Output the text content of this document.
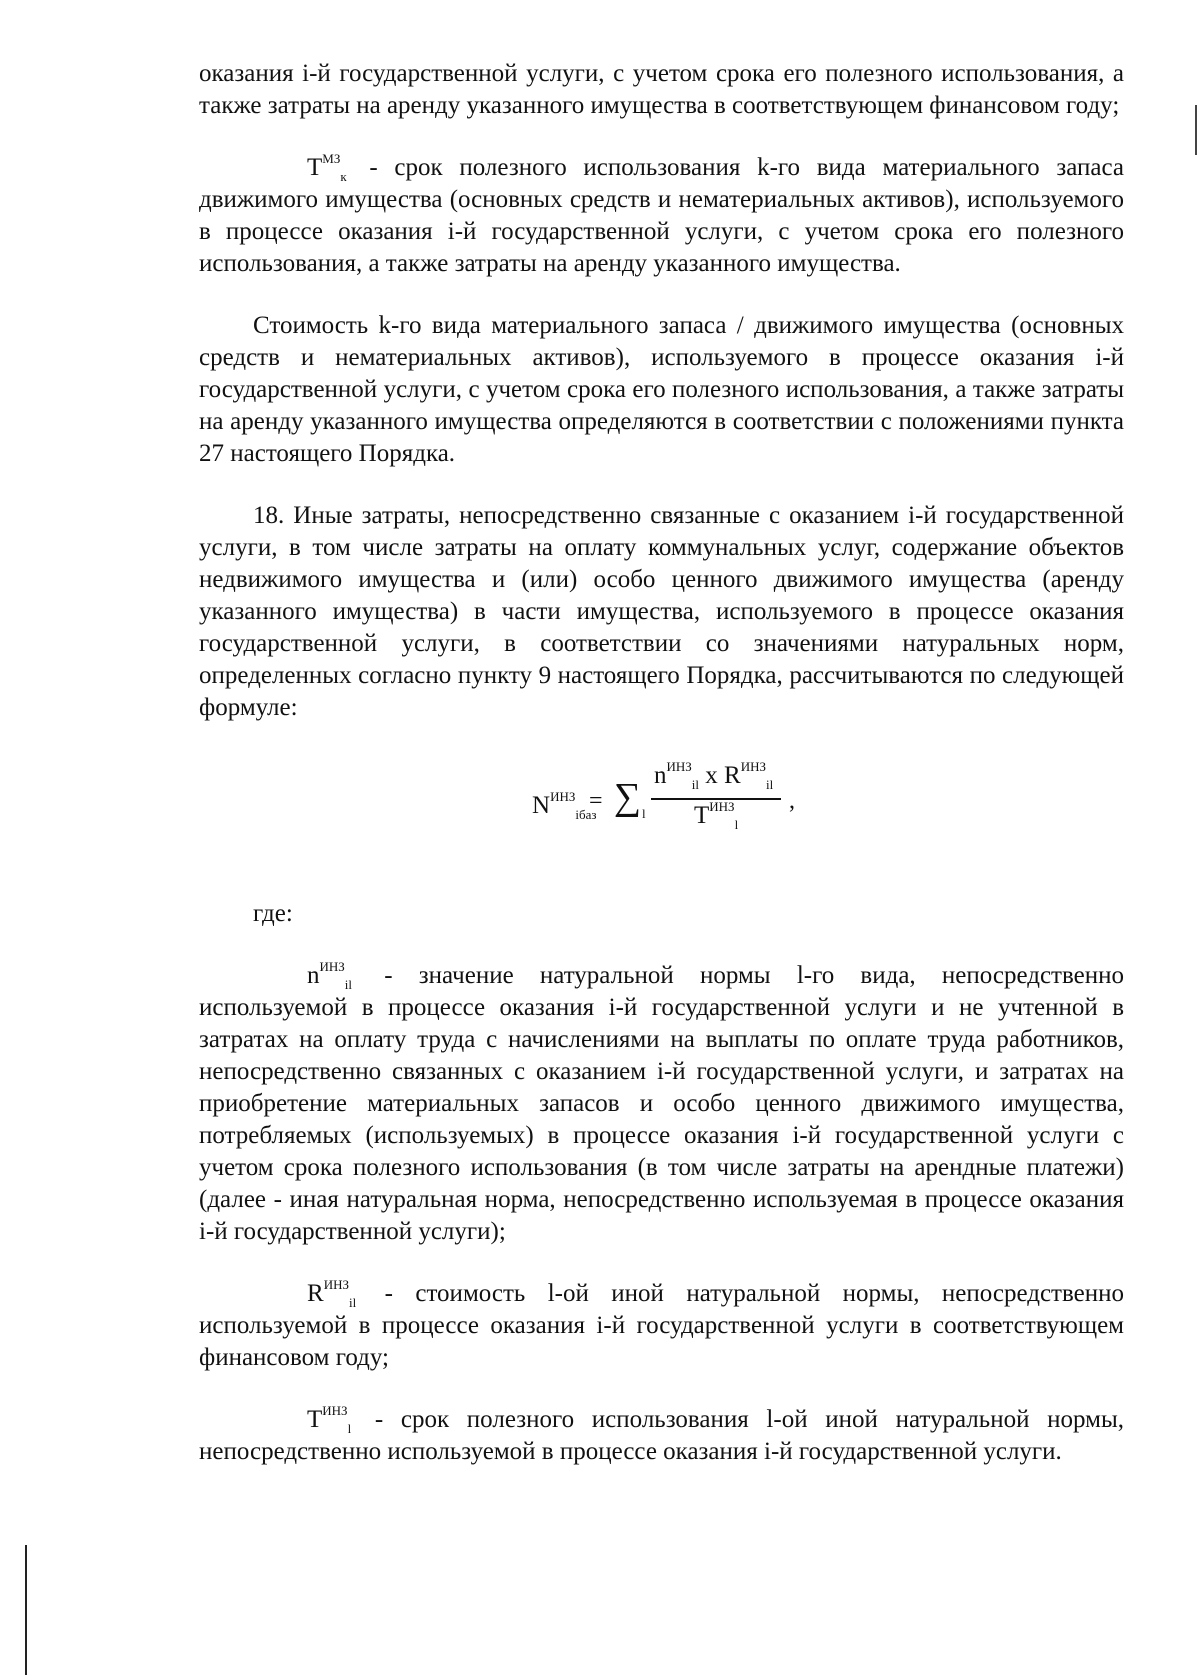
оказания i-й государственной услуги, с учетом срока его полезного использования, а также затраты на аренду указанного имущества в соответствующем финансовом году;

$T^{МЗ}_к$ - срок полезного использования k-го вида материального запаса движимого имущества (основных средств и нематериальных активов), используемого в процессе оказания i-й государственной услуги, с учетом срока его полезного использования, а также затраты на аренду указанного имущества.

Стоимость k-го вида материального запаса / движимого имущества (основных средств и нематериальных активов), используемого в процессе оказания i-й государственной услуги, с учетом срока его полезного использования, а также затраты на аренду указанного имущества определяются в соответствии с положениями пункта 27 настоящего Порядка.

18. Иные затраты, непосредственно связанные с оказанием i-й государственной услуги, в том числе затраты на оплату коммунальных услуг, содержание объектов недвижимого имущества и (или) особо ценного движимого имущества (аренду указанного имущества) в части имущества, используемого в процессе оказания государственной услуги, в соответствии со значениями натуральных норм, определенных согласно пункту 9 настоящего Порядка, рассчитываются по следующей формуле:

$N^{ИНЗ}_{iбаз}$
= ∑ l
$n^{ИНЗ}_{il}$ x $R^{ИНЗ}_{il}$
$T^{ИНЗ}_l$
,

где:

$n^{ИНЗ}_{il}$ - значение натуральной нормы l-го вида, непосредственно используемой в процессе оказания i-й государственной услуги и не учтенной в затратах на оплату труда с начислениями на выплаты по оплате труда работников, непосредственно связанных с оказанием i-й государственной услуги, и затратах на приобретение материальных запасов и особо ценного движимого имущества, потребляемых (используемых) в процессе оказания i-й государственной услуги с учетом срока полезного использования (в том числе затраты на арендные платежи) (далее - иная натуральная норма, непосредственно используемая в процессе оказания i-й государственной услуги);

$R^{ИНЗ}_{il}$ - стоимость l-ой иной натуральной нормы, непосредственно используемой в процессе оказания i-й государственной услуги в соответствующем финансовом году;

$T^{ИНЗ}_l$ - срок полезного использования l-ой иной натуральной нормы, непосредственно используемой в процессе оказания i-й государственной услуги.
